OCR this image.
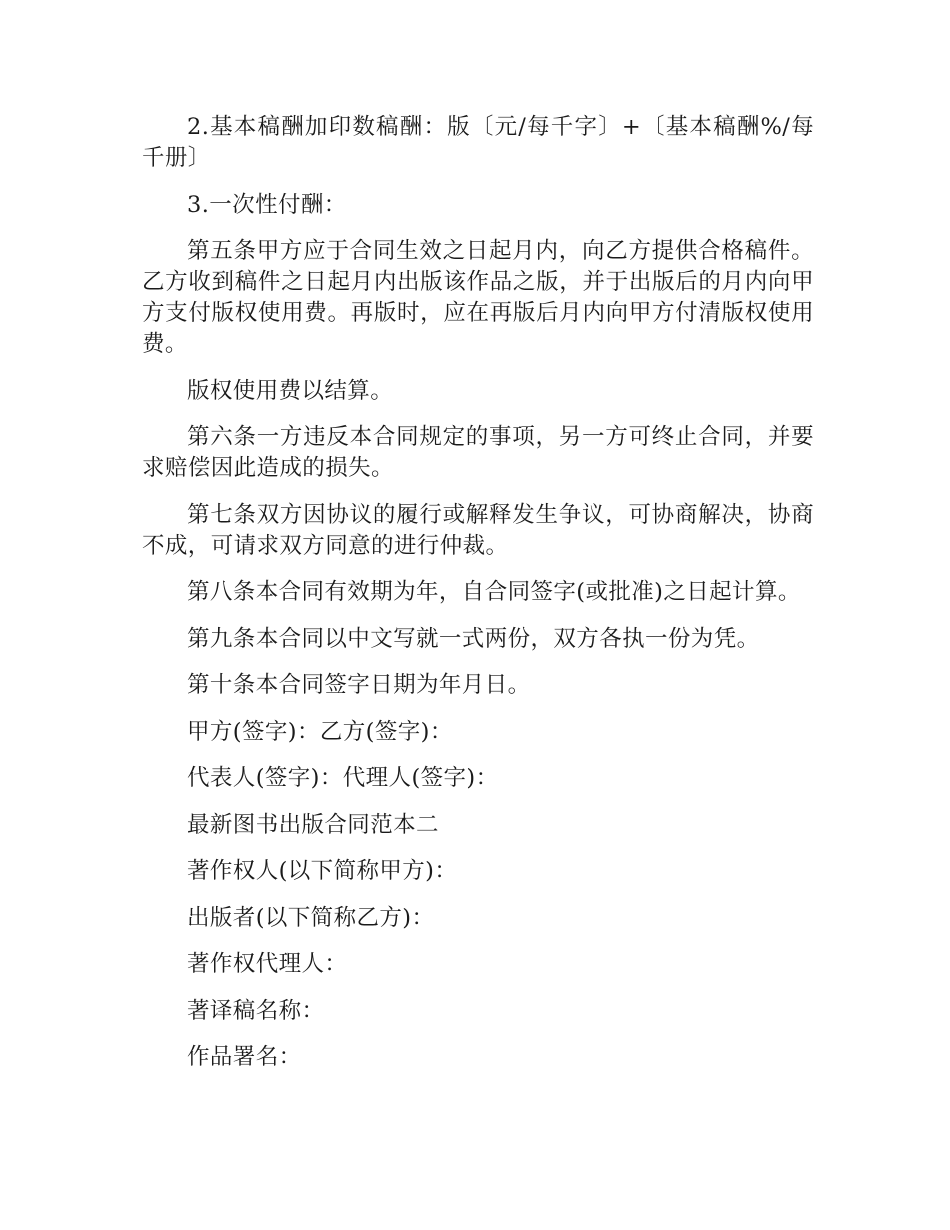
2.基本稿酬加印数稿酬：版〔元/每千字〕+〔基本稿酬%/每千册〕

3.一次性付酬：

第五条甲方应于合同生效之日起月内，向乙方提供合格稿件。乙方收到稿件之日起月内出版该作品之版，并于出版后的月内向甲方支付版权使用费。再版时，应在再版后月内向甲方付清版权使用费。

版权使用费以结算。

第六条一方违反本合同规定的事项，另一方可终止合同，并要求赔偿因此造成的损失。

第七条双方因协议的履行或解释发生争议，可协商解决，协商不成，可请求双方同意的进行仲裁。

第八条本合同有效期为年，自合同签字(或批准)之日起计算。

第九条本合同以中文写就一式两份，双方各执一份为凭。

第十条本合同签字日期为年月日。

甲方(签字)：乙方(签字)：

代表人(签字)：代理人(签字)：

最新图书出版合同范本二

著作权人(以下简称甲方)：

出版者(以下简称乙方)：

著作权代理人：

著译稿名称：

作品署名：
